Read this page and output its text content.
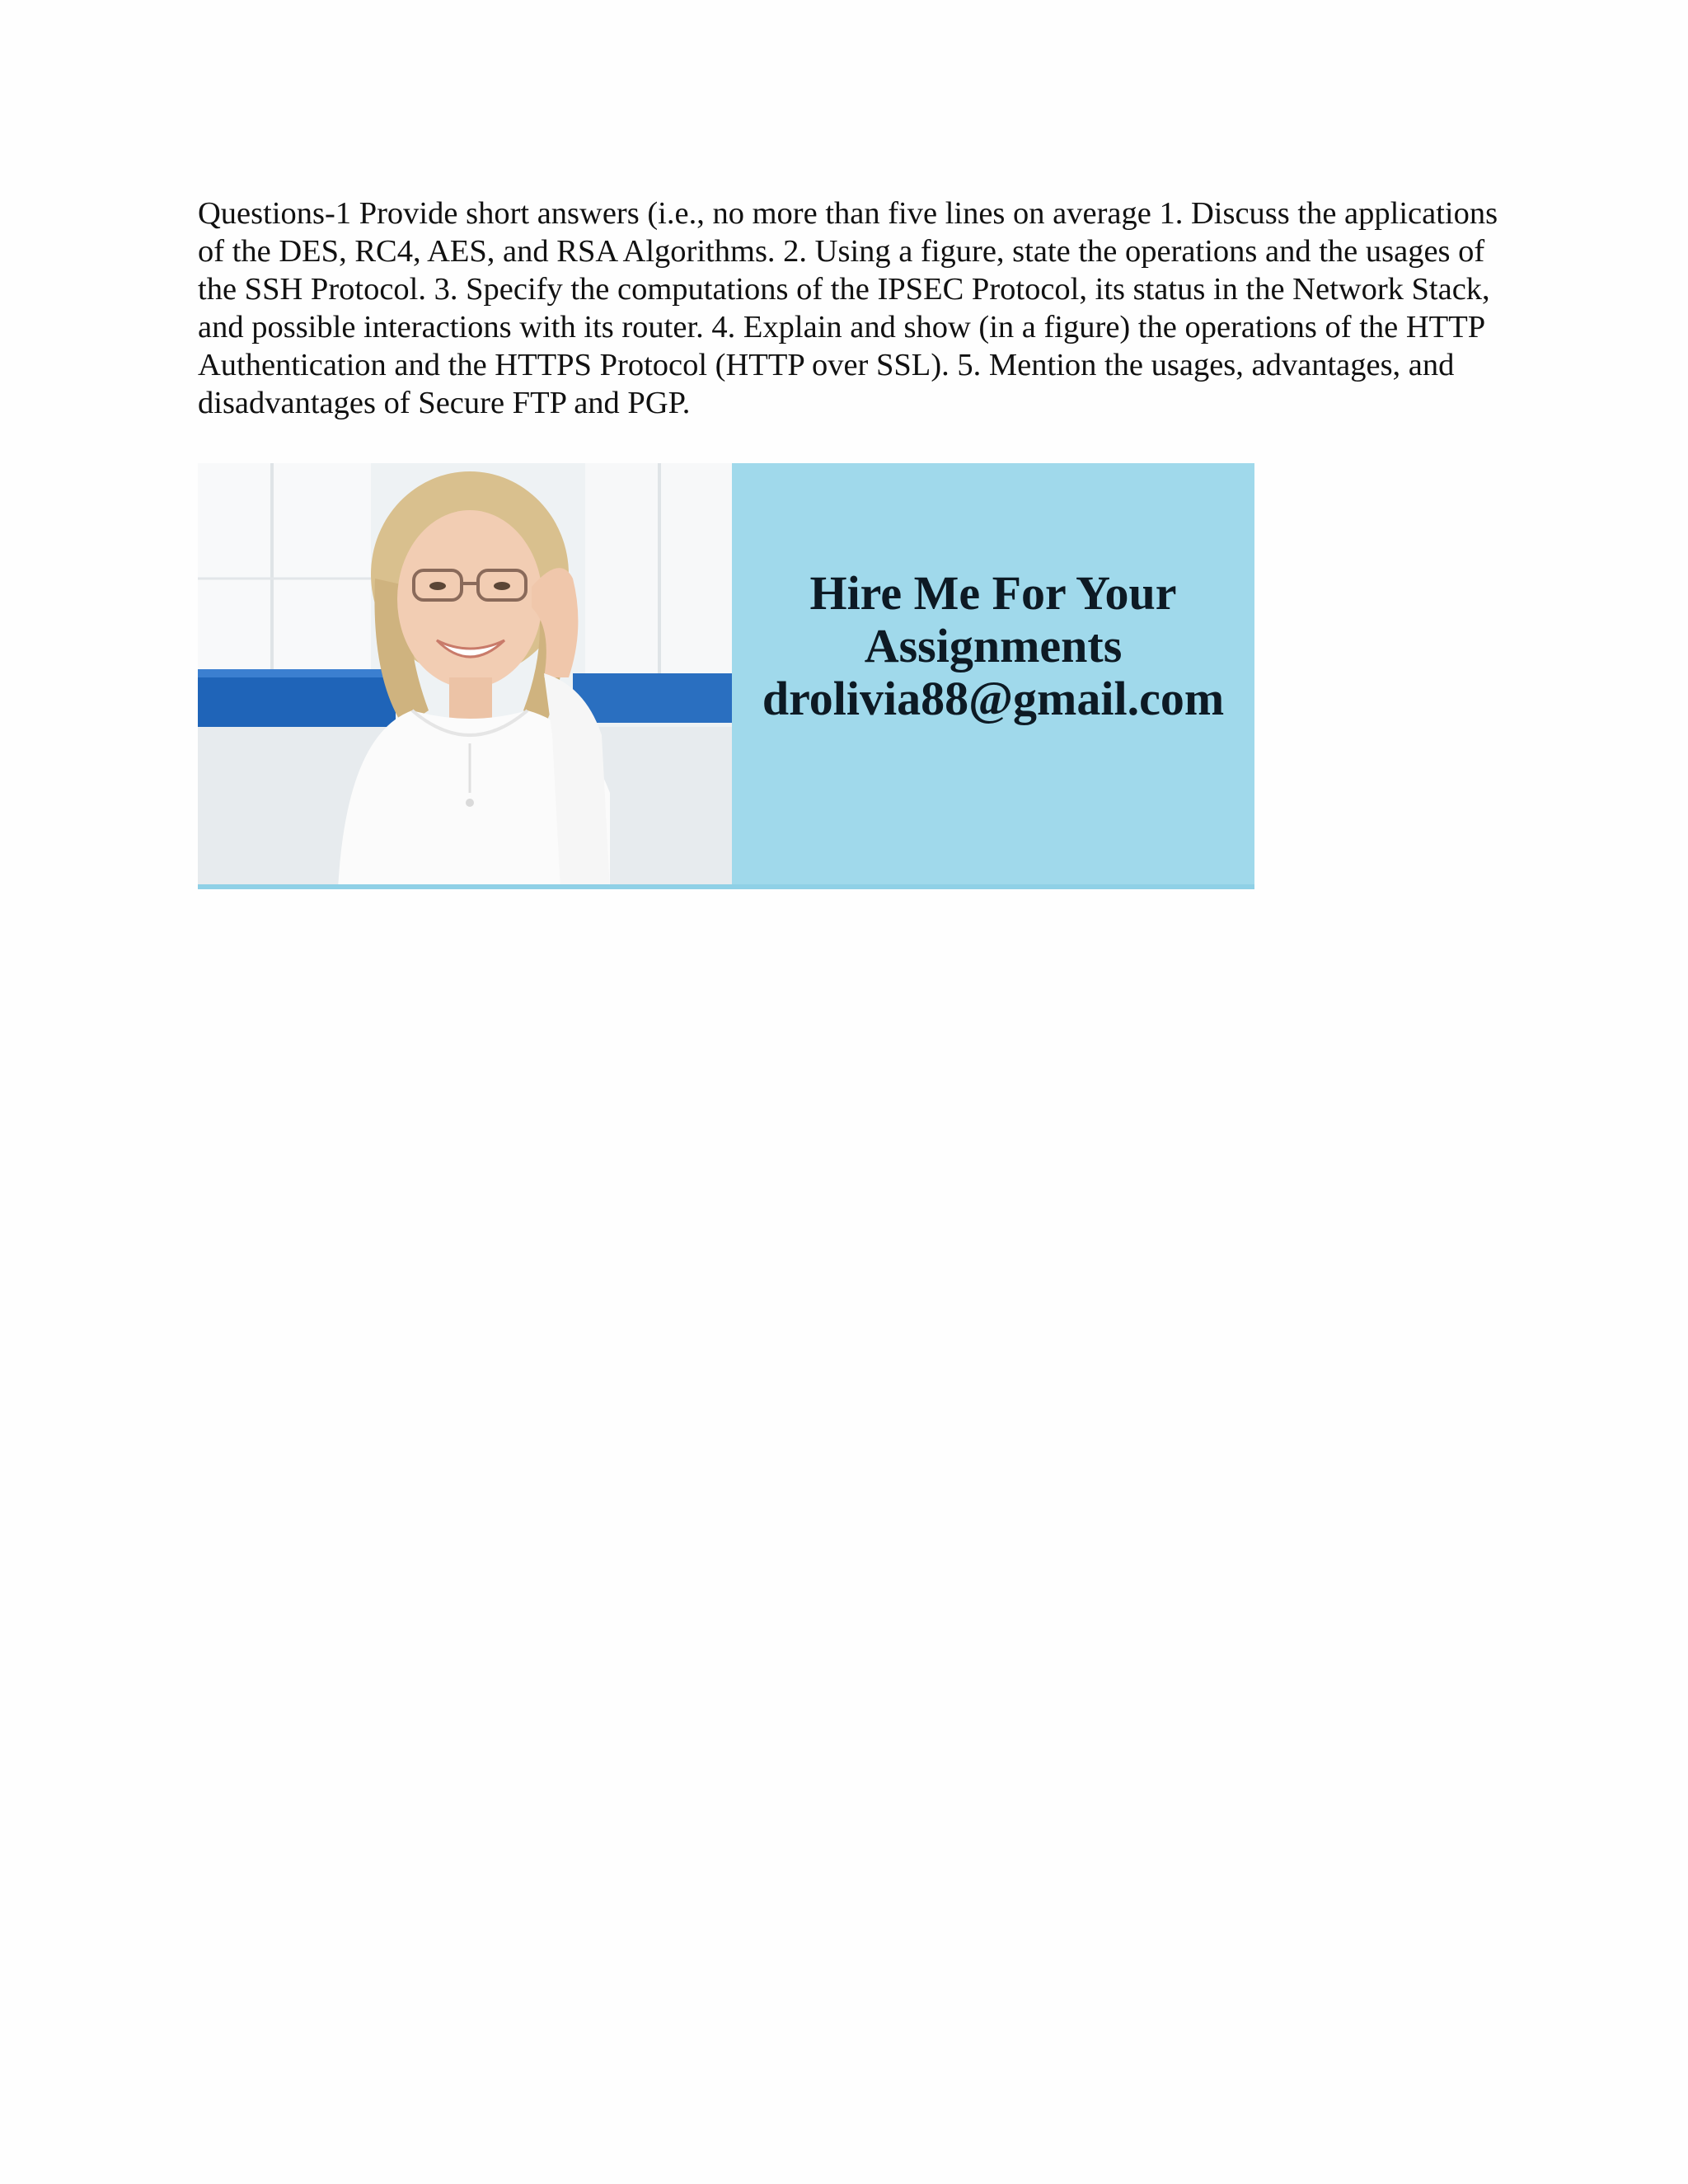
Questions-1 Provide short answers (i.e., no more than five lines on average 1. Discuss the applications of the DES, RC4, AES, and RSA Algorithms. 2. Using a figure, state the operations and the usages of the SSH Protocol. 3. Specify the computations of the IPSEC Protocol, its status in the Network Stack, and possible interactions with its router. 4. Explain and show (in a figure) the operations of the HTTP Authentication and the HTTPS Protocol (HTTP over SSL). 5. Mention the usages, advantages, and disadvantages of Secure FTP and PGP.

Hire Me For Your
Assignments
drolivia88@gmail.com
